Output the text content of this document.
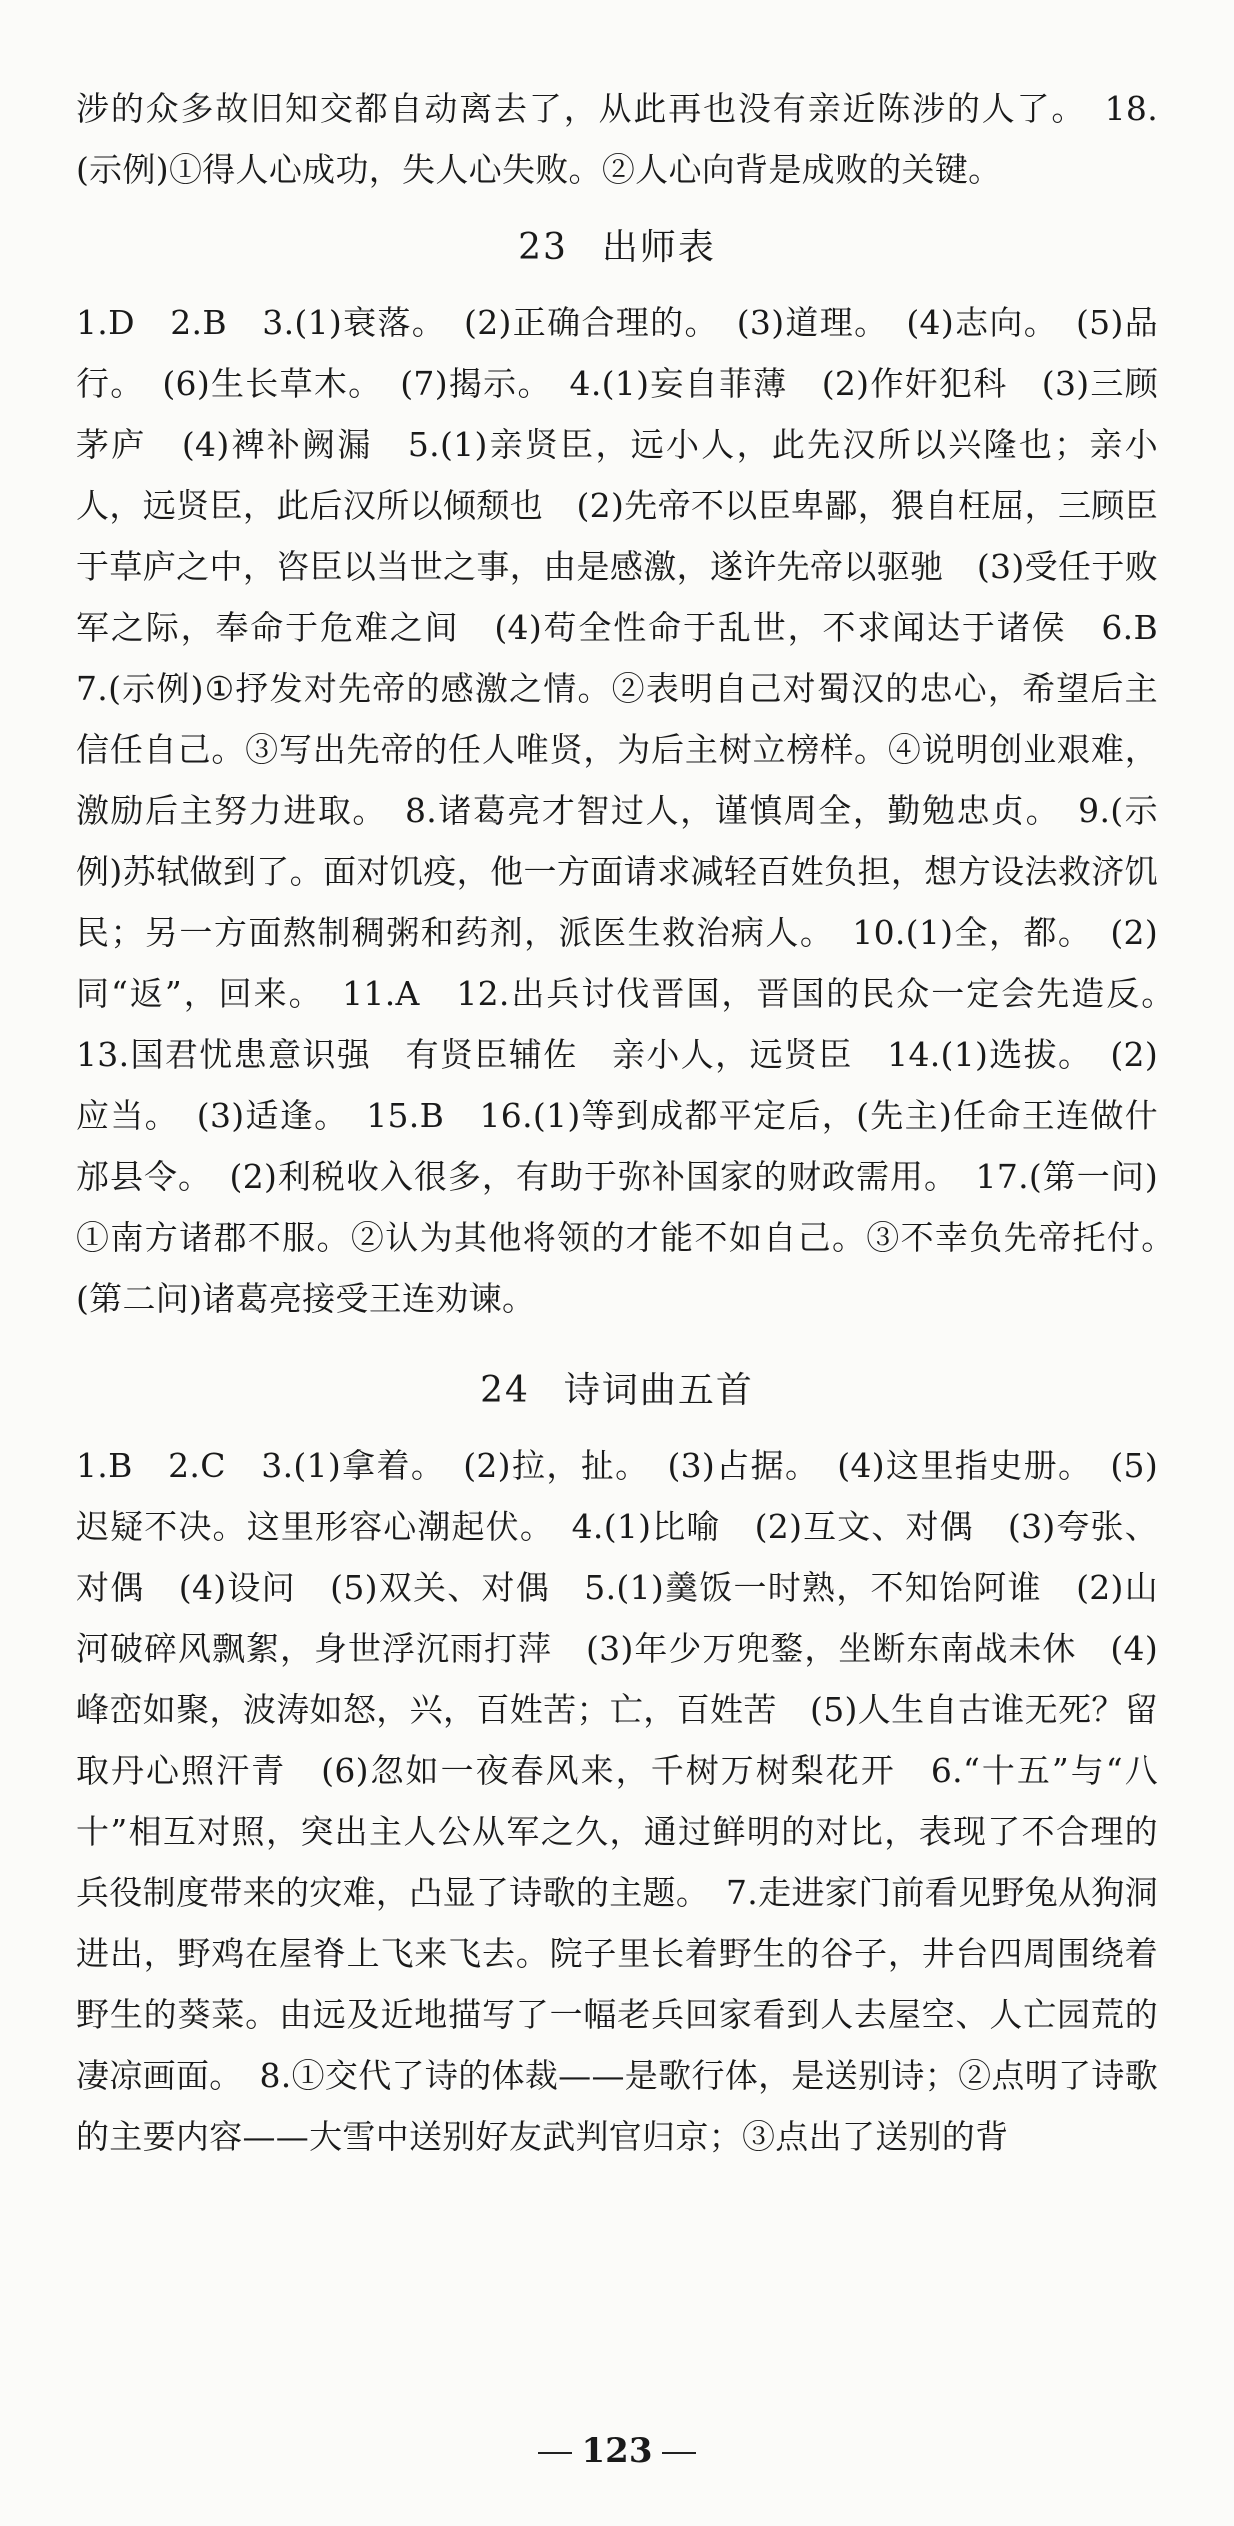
涉的众多故旧知交都自动离去了，从此再也没有亲近陈涉的人了。　18.(示例)①得人心成功，失人心失败。②人心向背是成败的关键。

23 出师表

1.D　2.B　3.(1)衰落。　(2)正确合理的。　(3)道理。　(4)志向。　(5)品行。　(6)生长草木。　(7)揭示。　4.(1)妄自菲薄　(2)作奸犯科　(3)三顾茅庐　(4)裨补阙漏　5.(1)亲贤臣，远小人，此先汉所以兴隆也；亲小人，远贤臣，此后汉所以倾颓也　(2)先帝不以臣卑鄙，猥自枉屈，三顾臣于草庐之中，咨臣以当世之事，由是感激，遂许先帝以驱驰　(3)受任于败军之际，奉命于危难之间　(4)苟全性命于乱世，不求闻达于诸侯　6.B　7.(示例)①抒发对先帝的感激之情。②表明自己对蜀汉的忠心，希望后主信任自己。③写出先帝的任人唯贤，为后主树立榜样。④说明创业艰难，激励后主努力进取。　8.诸葛亮才智过人，谨慎周全，勤勉忠贞。　9.(示例)苏轼做到了。面对饥疫，他一方面请求减轻百姓负担，想方设法救济饥民；另一方面熬制稠粥和药剂，派医生救治病人。　10.(1)全，都。　(2)同“返”，回来。　11.A　12.出兵讨伐晋国，晋国的民众一定会先造反。　13.国君忧患意识强　有贤臣辅佐　亲小人，远贤臣　14.(1)选拔。　(2)应当。　(3)适逢。　15.B　16.(1)等到成都平定后，(先主)任命王连做什邡县令。　(2)利税收入很多，有助于弥补国家的财政需用。　17.(第一问)①南方诸郡不服。②认为其他将领的才能不如自己。③不幸负先帝托付。　(第二问)诸葛亮接受王连劝谏。

24 诗词曲五首

1.B　2.C　3.(1)拿着。　(2)拉，扯。　(3)占据。　(4)这里指史册。　(5)迟疑不决。这里形容心潮起伏。　4.(1)比喻　(2)互文、对偶　(3)夸张、对偶　(4)设问　(5)双关、对偶　5.(1)羹饭一时熟，不知饴阿谁　(2)山河破碎风飘絮，身世浮沉雨打萍　(3)年少万兜鍪，坐断东南战未休　(4)峰峦如聚，波涛如怒，兴，百姓苦；亡，百姓苦　(5)人生自古谁无死？留取丹心照汗青　(6)忽如一夜春风来，千树万树梨花开　6.“十五”与“八十”相互对照，突出主人公从军之久，通过鲜明的对比，表现了不合理的兵役制度带来的灾难，凸显了诗歌的主题。　7.走进家门前看见野兔从狗洞进出，野鸡在屋脊上飞来飞去。院子里长着野生的谷子，井台四周围绕着野生的葵菜。由远及近地描写了一幅老兵回家看到人去屋空、人亡园荒的凄凉画面。　8.①交代了诗的体裁——是歌行体，是送别诗；②点明了诗歌的主要内容——大雪中送别好友武判官归京；③点出了送别的背

123
